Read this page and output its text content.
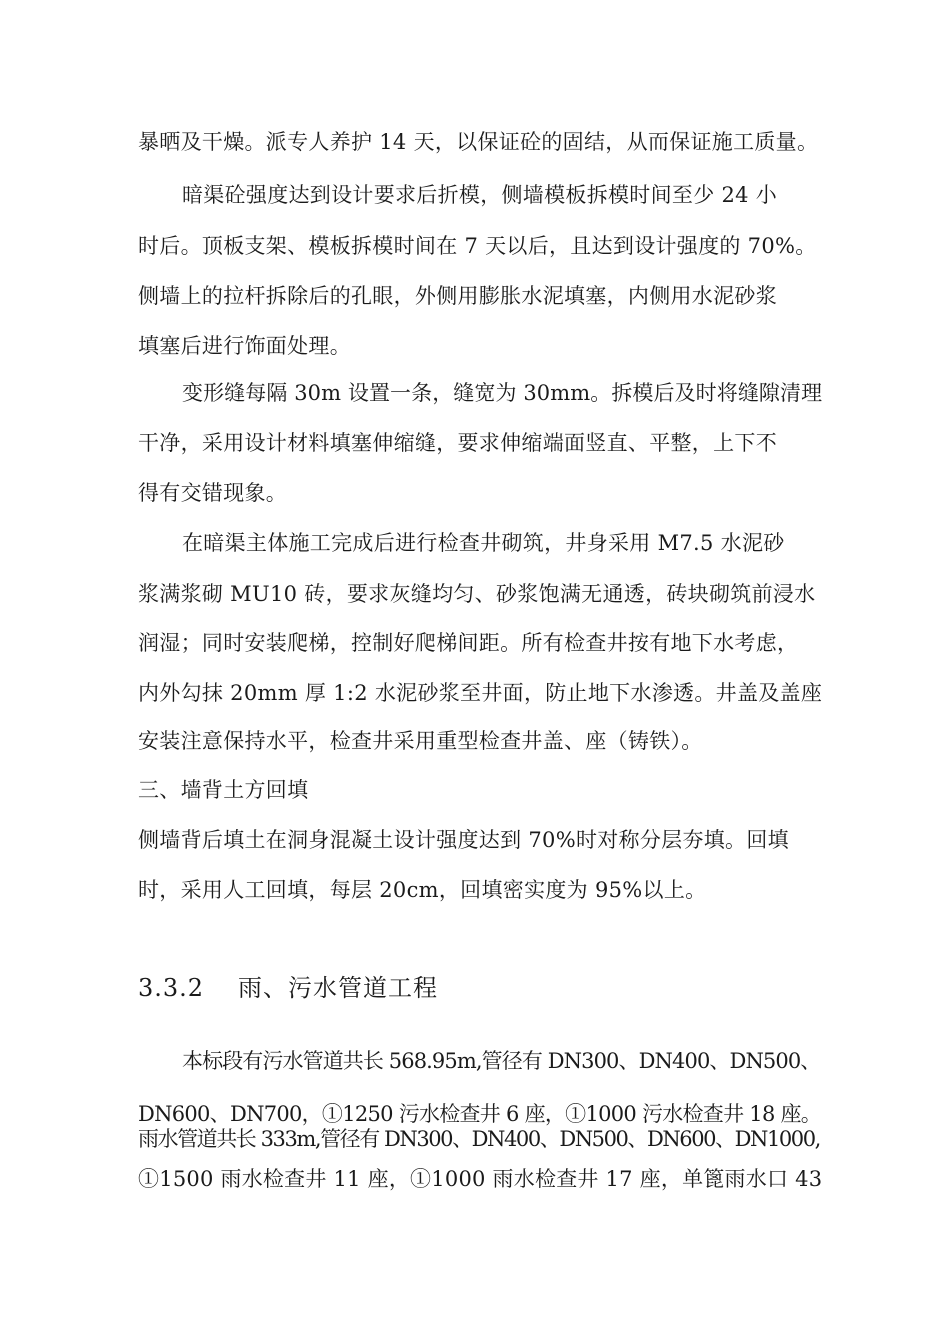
暴晒及干燥。派专人养护 14 天，以保证砼的固结，从而保证施工质量。
暗渠砼强度达到设计要求后折模，侧墙模板拆模时间至少 24 小
时后。顶板支架、模板拆模时间在 7 天以后，且达到设计强度的 70%。
侧墙上的拉杆拆除后的孔眼，外侧用膨胀水泥填塞，内侧用水泥砂浆
填塞后进行饰面处理。
变形缝每隔 30m 设置一条，缝宽为 30mm。拆模后及时将缝隙清理
干净，采用设计材料填塞伸缩缝，要求伸缩端面竖直、平整，上下不
得有交错现象。
在暗渠主体施工完成后进行检查井砌筑，井身采用 M7.5 水泥砂
浆满浆砌 MU10 砖，要求灰缝均匀、砂浆饱满无通透，砖块砌筑前浸水
润湿；同时安装爬梯，控制好爬梯间距。所有检查井按有地下水考虑，
内外勾抹 20mm 厚 1:2 水泥砂浆至井面，防止地下水渗透。井盖及盖座
安装注意保持水平，检查井采用重型检查井盖、座（铸铁）。
三、墙背土方回填
侧墙背后填土在洞身混凝土设计强度达到 70%时对称分层夯填。回填
时，采用人工回填，每层 20cm，回填密实度为 95%以上。
3.3.2 雨、污水管道工程
本标段有污水管道共长 568.95m,管径有 DN300、DN400、DN500、
DN600、DN700，①1250 污水检查井 6 座，①1000 污水检查井 18 座。
雨水管道共长 333m,管径有 DN300、DN400、DN500、DN600、DN1000,
①1500 雨水检查井 11 座，①1000 雨水检查井 17 座，单篦雨水口 43
